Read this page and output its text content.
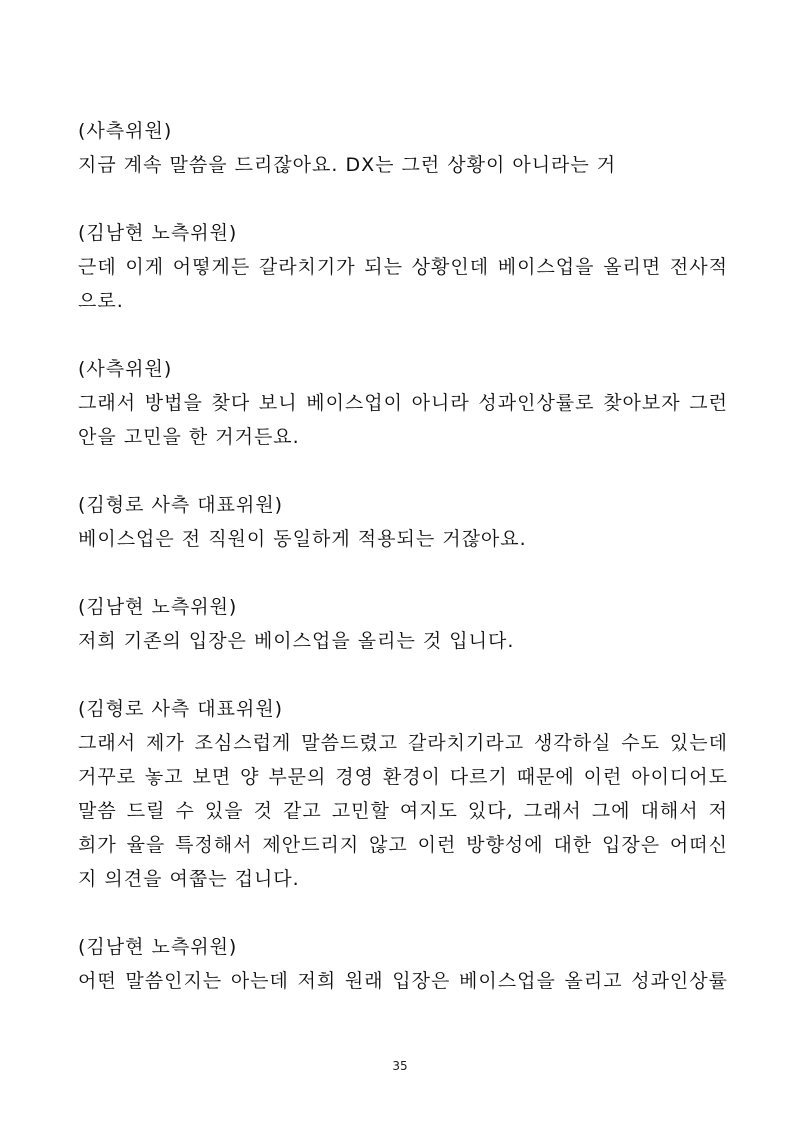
(사측위원)
지금 계속 말씀을 드리잖아요. DX는 그런 상황이 아니라는 거
(김남현 노측위원)
근데 이게 어떻게든 갈라치기가 되는 상황인데 베이스업을 올리면 전사적
으로.
(사측위원)
그래서 방법을 찾다 보니 베이스업이 아니라 성과인상률로 찾아보자 그런
안을 고민을 한 거거든요.
(김형로 사측 대표위원)
베이스업은 전 직원이 동일하게 적용되는 거잖아요.
(김남현 노측위원)
저희 기존의 입장은 베이스업을 올리는 것 입니다.
(김형로 사측 대표위원)
그래서 제가 조심스럽게 말씀드렸고 갈라치기라고 생각하실 수도 있는데
거꾸로 놓고 보면 양 부문의 경영 환경이 다르기 때문에 이런 아이디어도
말씀 드릴 수 있을 것 같고 고민할 여지도 있다, 그래서 그에 대해서 저
희가 율을 특정해서 제안드리지 않고 이런 방향성에 대한 입장은 어떠신
지 의견을 여쭙는 겁니다.
(김남현 노측위원)
어떤 말씀인지는 아는데 저희 원래 입장은 베이스업을 올리고 성과인상률
35
